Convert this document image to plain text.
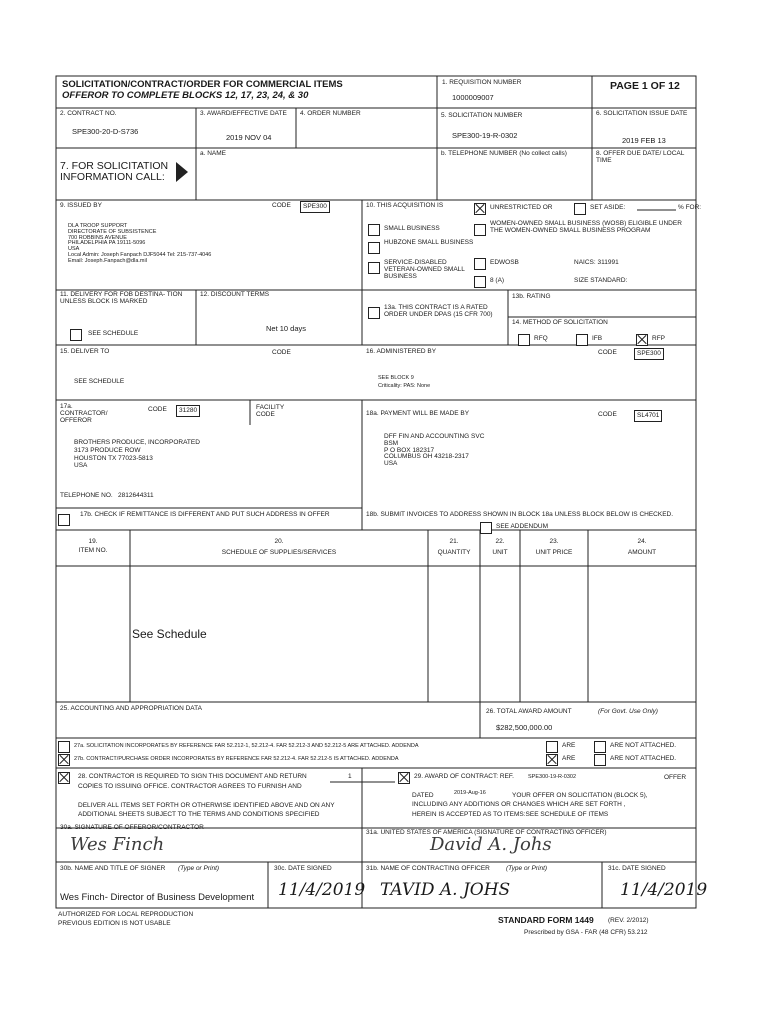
SOLICITATION/CONTRACT/ORDER FOR COMMERCIAL ITEMS
OFFEROR TO COMPLETE BLOCKS 12, 17, 23, 24, & 30
1. REQUISITION NUMBER
1000009007
PAGE 1 OF 12
2. CONTRACT NO.
SPE300-20-D-S736
3. AWARD/EFFECTIVE DATE
2019 NOV 04
4. ORDER NUMBER	5. SOLICITATION NUMBER
SPE300-19-R-0302
6. SOLICITATION ISSUE DATE
2019 FEB 13
7. FOR SOLICITATION INFORMATION CALL:
a. NAME	b. TELEPHONE NUMBER (No collect calls)	8. OFFER DUE DATE/ LOCAL TIME
9. ISSUED BY	CODE	SPE300
DLA TROOP SUPPORT
DIRECTORATE OF SUBSISTENCE
700 ROBBINS AVENUE
PHILADELPHIA PA 19111-5096
USA
Local Admin: Joseph Fanpach DJF5044 Tel: 215-737-4046
Email: Joseph.Fanpach@dla.mil
10. THIS ACQUISITION IS	UNRESTRICTED OR	SET ASIDE:	% FOR:
SMALL BUSINESS
HUBZONE SMALL BUSINESS
SERVICE-DISABLED VETERAN-OWNED SMALL BUSINESS
WOMEN-OWNED SMALL BUSINESS (WOSB) ELIGIBLE UNDER THE WOMEN-OWNED SMALL BUSINESS PROGRAM
EDWOSB
8 (A)
NAICS: 311991
SIZE STANDARD:
11. DELIVERY FOR FOB DESTINA- TION UNLESS BLOCK IS MARKED
SEE SCHEDULE
12. DISCOUNT TERMS
Net 10 days
13a. THIS CONTRACT IS A RATED ORDER UNDER DPAS (15 CFR 700)
13b. RATING
14. METHOD OF SOLICITATION
RFQ	IFB	RFP
15. DELIVER TO	CODE
SEE SCHEDULE
16. ADMINISTERED BY	CODE	SPE300
SEE BLOCK 9
Criticality: PAS: None
17a. CONTRACTOR/ OFFEROR
CODE	31280	FACILITY CODE
BROTHERS PRODUCE, INCORPORATED
3173 PRODUCE ROW
HOUSTON TX 77023-5813
USA
TELEPHONE NO. 2812644311
17b. CHECK IF REMITTANCE IS DIFFERENT AND PUT SUCH ADDRESS IN OFFER
18a. PAYMENT WILL BE MADE BY	CODE	SL4701
DFF FIN AND ACCOUNTING SVC
BSM
P O BOX 182317
COLUMBUS OH 43218-2317
USA
18b. SUBMIT INVOICES TO ADDRESS SHOWN IN BLOCK 18a UNLESS BLOCK BELOW IS CHECKED.
SEE ADDENDUM
19.
ITEM NO.
20.
SCHEDULE OF SUPPLIES/SERVICES
21.
QUANTITY
22.
UNIT
23.
UNIT PRICE
24.
AMOUNT
See Schedule
25. ACCOUNTING AND APPROPRIATION DATA	26. TOTAL AWARD AMOUNT	(For Govt. Use Only)
$282,500,000.00
27a. SOLICITATION INCORPORATES BY REFERENCE FAR 52.212-1, 52.212-4. FAR 52.212-3 AND 52.212-5 ARE ATTACHED. ADDENDA	ARE	ARE NOT ATTACHED.
27b. CONTRACT/PURCHASE ORDER INCORPORATES BY REFERENCE FAR 52.212-4. FAR 52.212-5 IS ATTACHED. ADDENDA	ARE	ARE NOT ATTACHED.
28. CONTRACTOR IS REQUIRED TO SIGN THIS DOCUMENT AND RETURN	1
COPIES TO ISSUING OFFICE. CONTRACTOR AGREES TO FURNISH AND
DELIVER ALL ITEMS SET FORTH OR OTHERWISE IDENTIFIED ABOVE AND ON ANY
ADDITIONAL SHEETS SUBJECT TO THE TERMS AND CONDITIONS SPECIFIED
29. AWARD OF CONTRACT: REF.	SPE300-19-R-0302	OFFER
DATED	2019-Aug-16	YOUR OFFER ON SOLICITATION (BLOCK 5),
INCLUDING ANY ADDITIONS OR CHANGES WHICH ARE SET FORTH ,
HEREIN IS ACCEPTED AS TO ITEMS:SEE SCHEDULE OF ITEMS
30a. SIGNATURE OF OFFEROR/CONTRACTOR
31a. UNITED STATES OF AMERICA (SIGNATURE OF CONTRACTING OFFICER)
Wes Finch	David A. Johs
30b. NAME AND TITLE OF SIGNER (Type or Print)	30c. DATE SIGNED	31b. NAME OF CONTRACTING OFFICER (Type or Print)	31c. DATE SIGNED
Wes Finch- Director of Business Development 11/4/2019 TAVID A. JOHS	11/4/2019
AUTHORIZED FOR LOCAL REPRODUCTION
PREVIOUS EDITION IS NOT USABLE	STANDARD FORM 1449 (REV. 2/2012)
Prescribed by GSA - FAR (48 CFR) 53.212
